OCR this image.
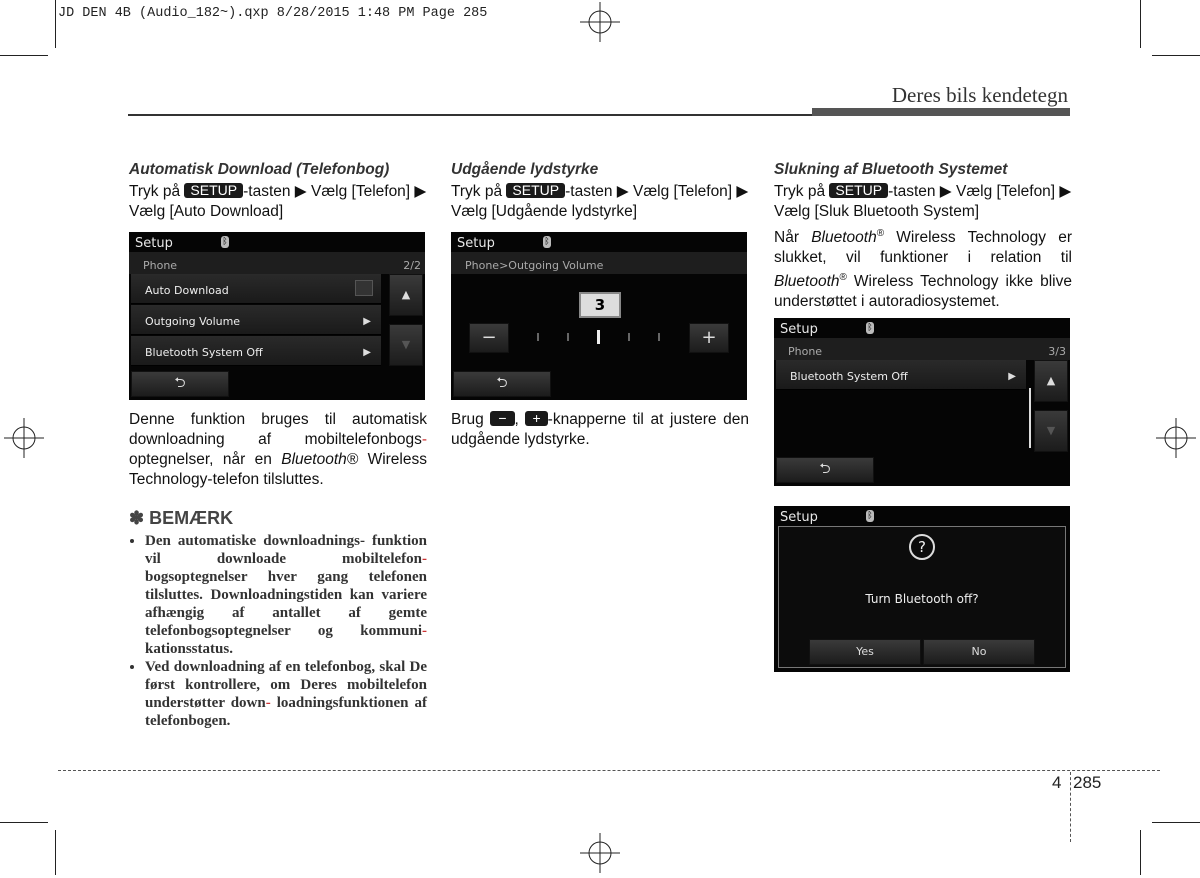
JD DEN 4B (Audio_182~).qxp 8/28/2015 1:48 PM Page 285
Deres bils kendetegn
Automatisk Download (Telefonbog)

Tryk på SETUP -tasten ▶ Vælg [Telefon] ▶ Vælg [Auto Download]

Setup	ᛒ
Phone	2/2
Auto Download
Outgoing Volume	▶
Bluetooth System Off	▶
▲
▼
⮌

Denne funktion bruges til automatisk downloadning af mobiltelefonbogs- optegnelser, når en Bluetooth® Wireless Technology-telefon tilsluttes.

✽ BEMÆRK
• Den automatiske downloadnings- funktion vil downloade mobiltelefon- bogsoptegnelser hver gang telefonen tilsluttes. Downloadningstiden kan variere afhængig af antallet af gemte telefonbogsoptegnelser og kommuni- kationsstatus.
• Ved downloadning af en telefonbog, skal De først kontrollere, om Deres mobiltelefon understøtter down- loadningsfunktionen af telefonbogen.
Udgående lydstyrke

Tryk på SETUP -tasten ▶ Vælg [Telefon] ▶ Vælg [Udgående lydstyrke]

Setup	ᛒ
Phone>Outgoing Volume
3
−	+
⮌

Brug − , + -knapperne til at justere den udgående lydstyrke.

Slukning af Bluetooth Systemet

Tryk på SETUP -tasten ▶ Vælg [Telefon] ▶ Vælg [Sluk Bluetooth System]

Når Bluetooth® Wireless Technology er slukket, vil funktioner i relation til Bluetooth® Wireless Technology ikke blive understøttet i autoradiosystemet.

Setup	ᛒ
Phone	3/3
Bluetooth System Off	▶	▲
▼
⮌
Setup	ᛒ
?
Turn Bluetooth off?
Yes	No
4 285
